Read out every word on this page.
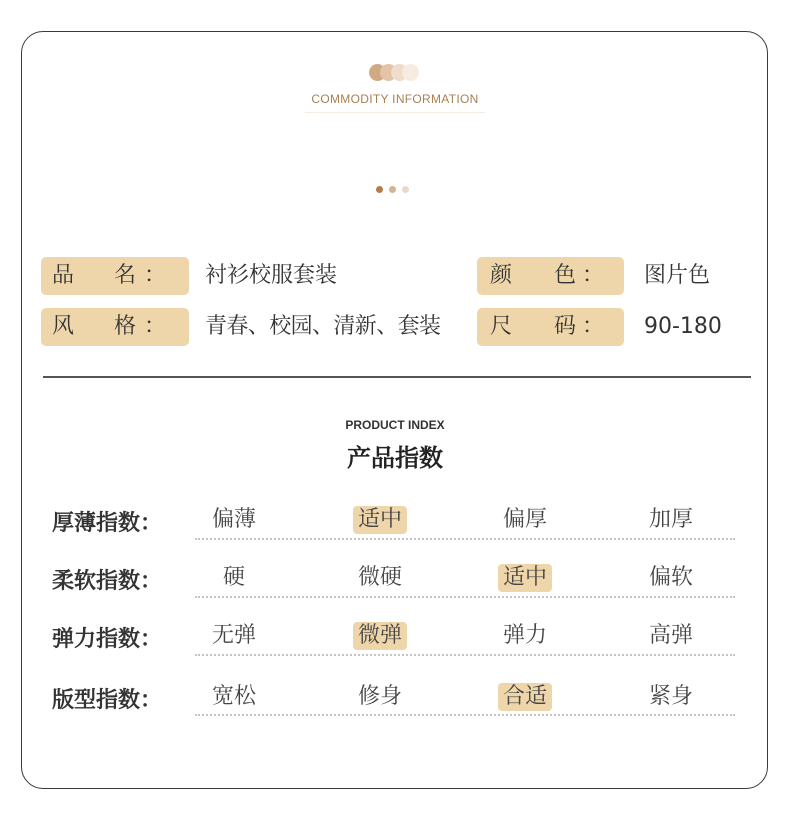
COMMODITY INFORMATION
品 名 ： 衬衫校服套装	颜 色 ： 图片色
风 格 ： 青春、校园、清新、套装 尺 码 ： 90-180
PRODUCT INDEX
产品指数
厚薄指数：	偏薄	适中	偏厚	加厚
柔软指数：	硬	微硬	适中	偏软
弹力指数：	无弹	微弹	弹力	高弹
版型指数：	宽松	修身	合适	紧身
